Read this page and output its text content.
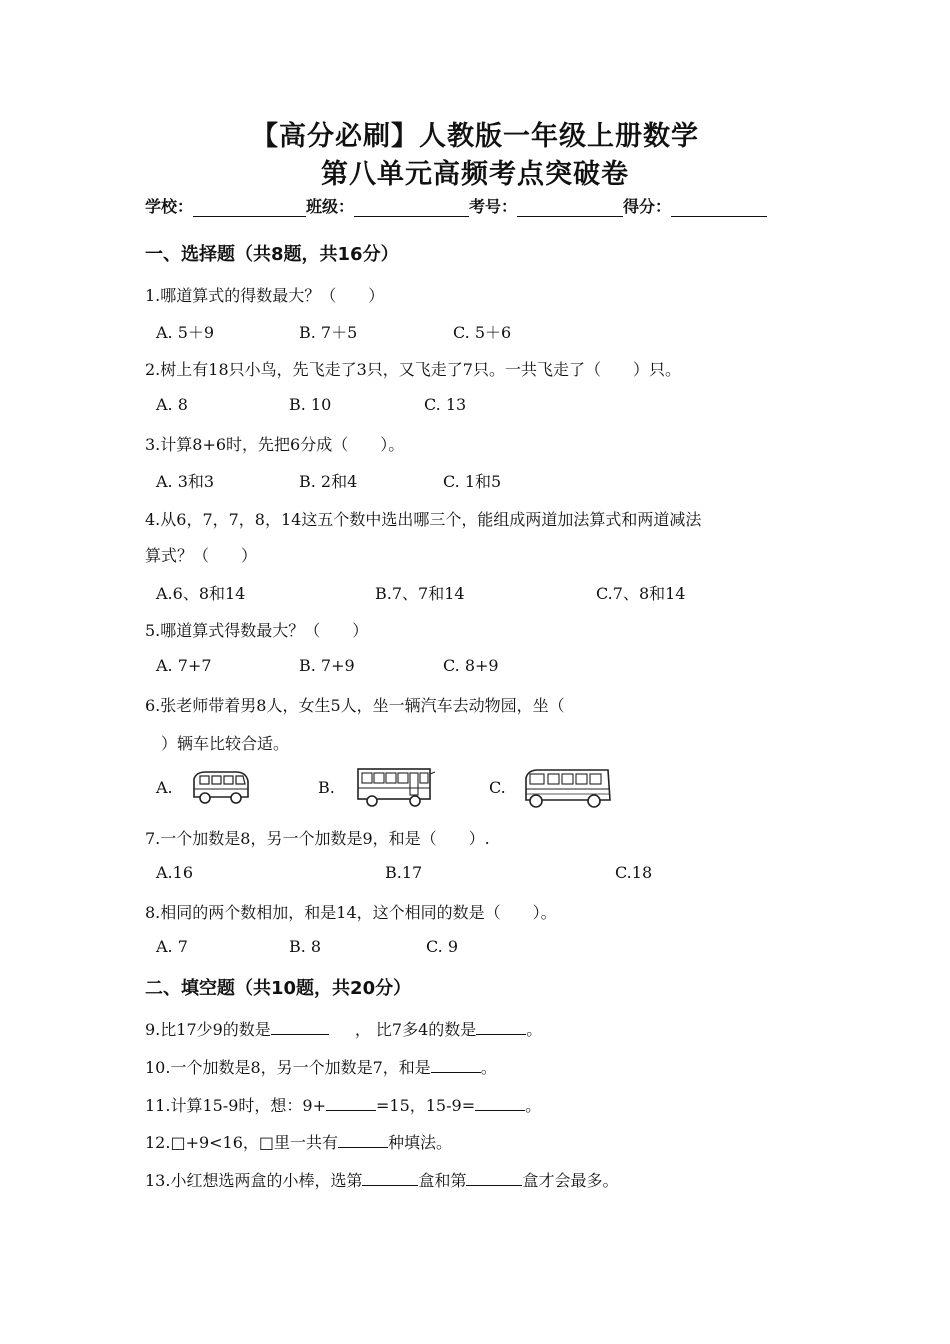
【高分必刷】人教版一年级上册数学
第八单元高频考点突破卷
学校：	班级：	考号：	得分：
一、选择题（共8题，共16分）
1.哪道算式的得数最大？（　　）
A. 5＋9	B. 7＋5	C. 5＋6
2.树上有18只小鸟，先飞走了3只，又飞走了7只。一共飞走了（　　）只。
A. 8	B. 10	C. 13
3.计算8+6时，先把6分成（　　）。
A. 3和3	B. 2和4	C. 1和5
4.从6，7，7，8，14这五个数中选出哪三个，能组成两道加法算式和两道减法
算式？（　　）
A.6、8和14	B.7、7和14	C.7、8和14
5.哪道算式得数最大？（　　）
A. 7+7	B. 7+9	C. 8+9
6.张老师带着男8人，女生5人，坐一辆汽车去动物园，坐（
　）辆车比较合适。
A.	B.	C.
7.一个加数是8，另一个加数是9，和是（　　）.
A.16	B.17	C.18
8.相同的两个数相加，和是14，这个相同的数是（　　）。
A. 7	B. 8	C. 9
二、填空题（共10题，共20分）
9.比17少9的数是	， 比7多4的数是	。
10.一个加数是8，另一个加数是7，和是	。
11.计算15-9时，想：9+	=15，15-9=	。
12.□+9<16，□里一共有	种填法。
13.小红想选两盒的小棒，选第	盒和第	盒才会最多。
